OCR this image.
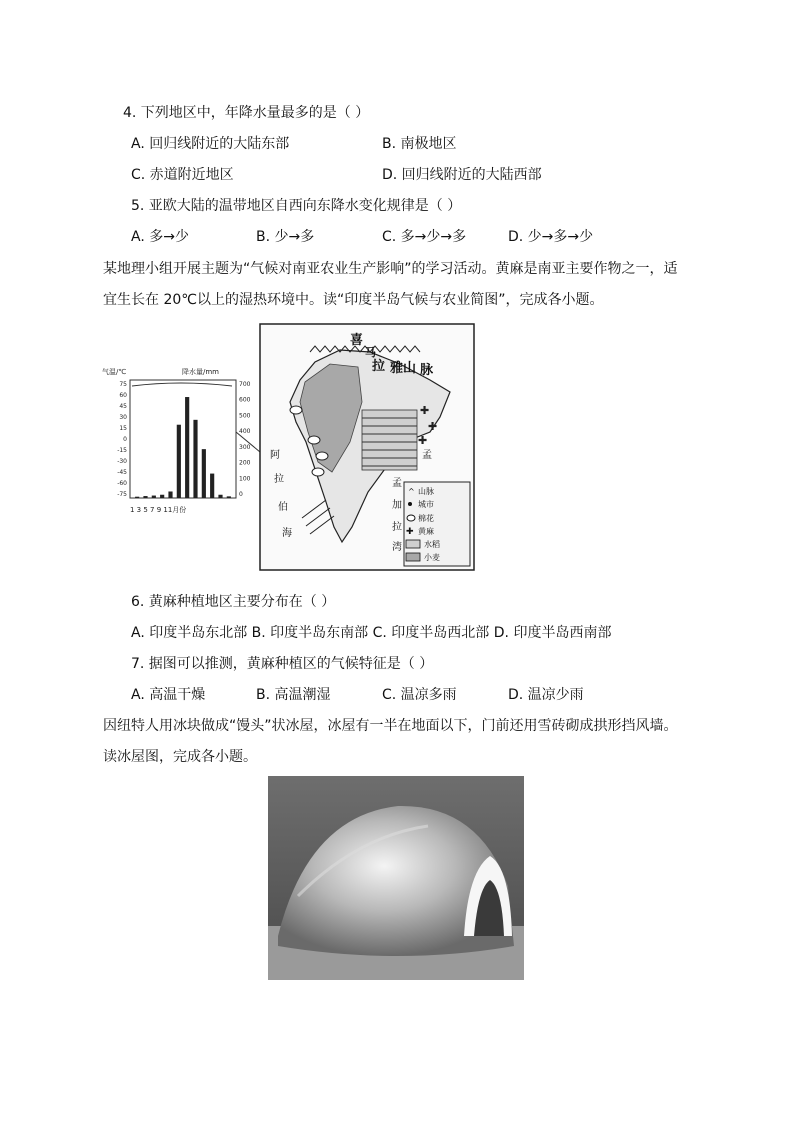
4. 下列地区中，年降水量最多的是（ ）
A. 回归线附近的大陆东部	B. 南极地区
C. 赤道附近地区	D. 回归线附近的大陆西部
5. 亚欧大陆的温带地区自西向东降水变化规律是（ ）
A. 多→少	B. 少→多	C. 多→少→多	D. 少→多→少
某地理小组开展主题为“气候对南亚农业生产影响”的学习活动。黄麻是南亚主要作物之一，适
宜生长在 20℃以上的湿热环境中。读“印度半岛气候与农业简图”，完成各小题。
气温/℃	降水量/mm
75
60
45
30
15
0
-15
-30
-45
-60
-75
700
600
500
400
300
200
100
0
1 3 5 7 9 11月份
✚
✚
✚
喜
马
拉 雅山 脉
阿
拉
伯
海
孟
加
拉
湾
孟
^ 山脉
城市
棉花
✚ 黄麻
水稻
小麦
6. 黄麻种植地区主要分布在（ ）
A. 印度半岛东北部 B. 印度半岛东南部 C. 印度半岛西北部 D. 印度半岛西南部
7. 据图可以推测，黄麻种植区的气候特征是（ ）
A. 高温干燥	B. 高温潮湿	C. 温凉多雨	D. 温凉少雨
因纽特人用冰块做成“馒头”状冰屋，冰屋有一半在地面以下，门前还用雪砖砌成拱形挡风墙。
读冰屋图，完成各小题。
